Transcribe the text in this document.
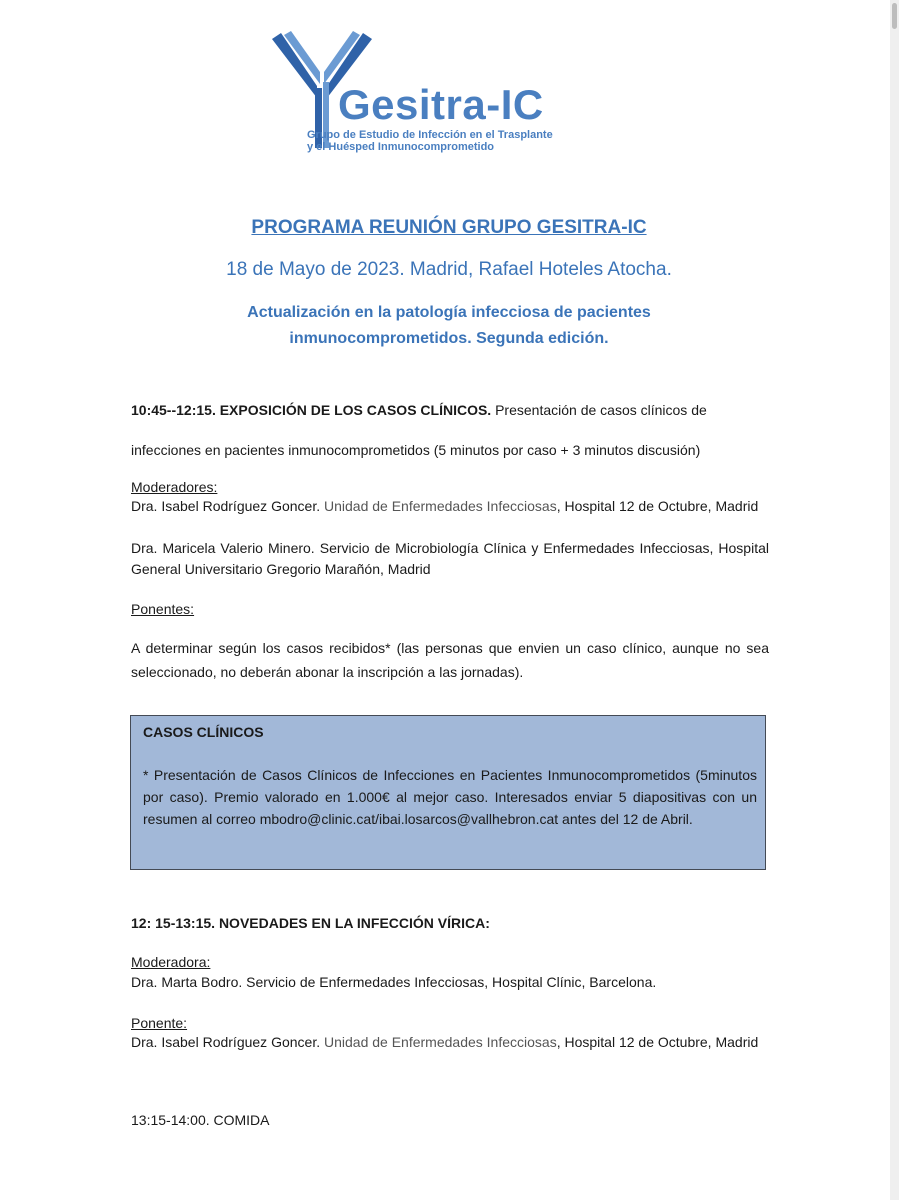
Gesitra-IC
Grupo de Estudio de Infección en el Trasplante
y el Huésped Inmunocomprometido
PROGRAMA REUNIÓN GRUPO GESITRA-IC
18 de Mayo de 2023. Madrid, Rafael Hoteles Atocha.
Actualización en la patología infecciosa de pacientes
inmunocomprometidos. Segunda edición.
10:45--12:15. EXPOSICIÓN DE LOS CASOS CLÍNICOS. Presentación de casos clínicos de
infecciones en pacientes inmunocomprometidos (5 minutos por caso + 3 minutos discusión)
Moderadores:
Dra. Isabel Rodríguez Goncer. Unidad de Enfermedades Infecciosas, Hospital 12 de Octubre, Madrid
Dra. Maricela Valerio Minero. Servicio de Microbiología Clínica y Enfermedades Infecciosas, Hospital General Universitario Gregorio Marañón, Madrid
Ponentes:
A determinar según los casos recibidos* (las personas que envien un caso clínico, aunque no sea seleccionado, no deberán abonar la inscripción a las jornadas).
CASOS CLÍNICOS
* Presentación de Casos Clínicos de Infecciones en Pacientes Inmunocomprometidos (5minutos por caso). Premio valorado en 1.000€ al mejor caso. Interesados enviar 5 diapositivas con un resumen al correo mbodro@clinic.cat/ibai.losarcos@vallhebron.cat antes del 12 de Abril.
12: 15-13:15. NOVEDADES EN LA INFECCIÓN VÍRICA:
Moderadora:
Dra. Marta Bodro. Servicio de Enfermedades Infecciosas, Hospital Clínic, Barcelona.
Ponente:
Dra. Isabel Rodríguez Goncer. Unidad de Enfermedades Infecciosas, Hospital 12 de Octubre, Madrid
13:15-14:00. COMIDA
